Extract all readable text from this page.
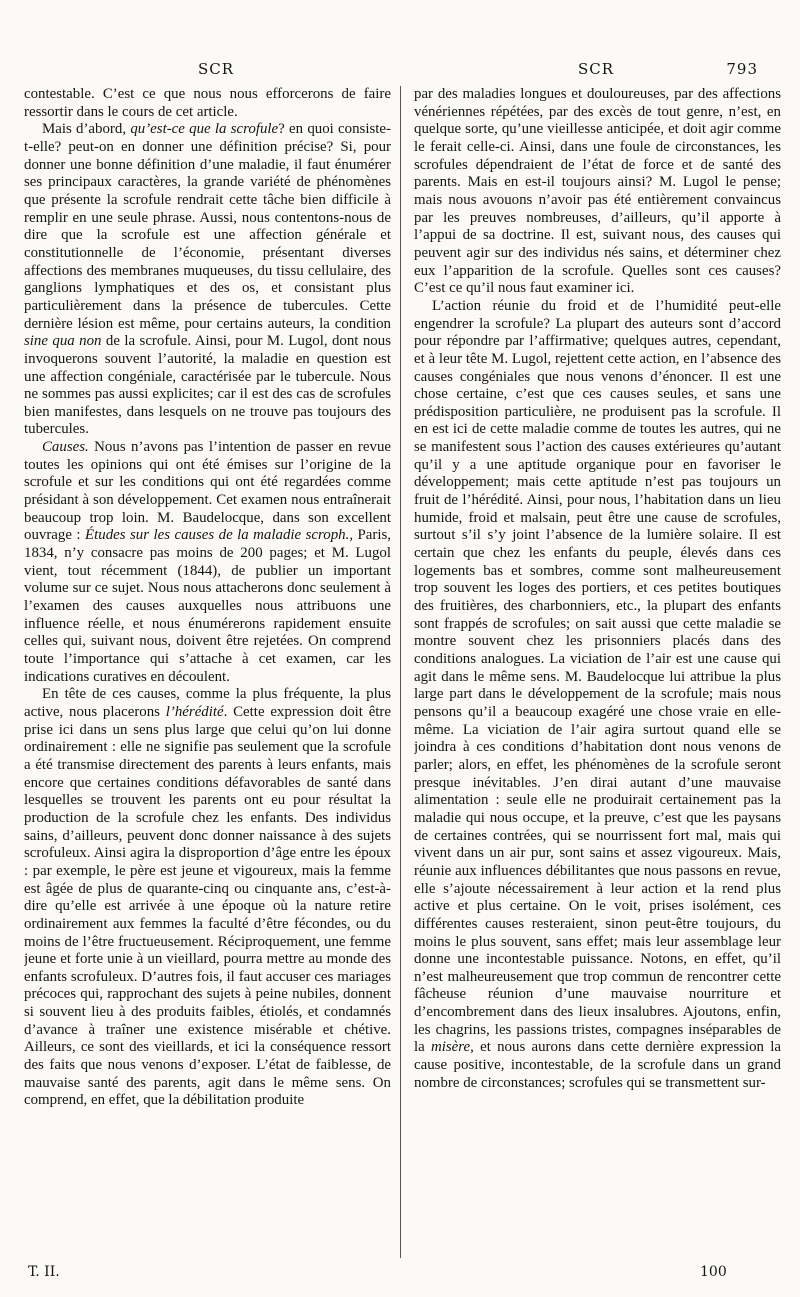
SCR	SCR	793

contestable. C’est ce que nous nous efforcerons de faire ressortir dans le cours de cet article.

Mais d’abord, qu’est-ce que la scrofule? en quoi consiste-t-elle? peut-on en donner une définition précise? Si, pour donner une bonne définition d’une maladie, il faut énumérer ses principaux caractères, la grande variété de phénomènes que présente la scrofule rendrait cette tâche bien difficile à remplir en une seule phrase. Aussi, nous contentons-nous de dire que la scrofule est une affection générale et constitutionnelle de l’économie, présentant diverses affections des membranes muqueuses, du tissu cellulaire, des ganglions lymphatiques et des os, et consistant plus particulièrement dans la présence de tubercules. Cette dernière lésion est même, pour certains auteurs, la condition sine qua non de la scrofule. Ainsi, pour M. Lugol, dont nous invoquerons souvent l’autorité, la maladie en question est une affection congéniale, caractérisée par le tubercule. Nous ne sommes pas aussi explicites; car il est des cas de scrofules bien manifestes, dans lesquels on ne trouve pas toujours des tubercules.

Causes. Nous n’avons pas l’intention de passer en revue toutes les opinions qui ont été émises sur l’origine de la scrofule et sur les conditions qui ont été regardées comme présidant à son développement. Cet examen nous entraînerait beaucoup trop loin. M. Baudelocque, dans son excellent ouvrage : Études sur les causes de la maladie scroph., Paris, 1834, n’y consacre pas moins de 200 pages; et M. Lugol vient, tout récemment (1844), de publier un important volume sur ce sujet. Nous nous attacherons donc seulement à l’examen des causes auxquelles nous attribuons une influence réelle, et nous énumérerons rapidement ensuite celles qui, suivant nous, doivent être rejetées. On comprend toute l’importance qui s’attache à cet examen, car les indications curatives en découlent.

En tête de ces causes, comme la plus fréquente, la plus active, nous placerons l’hérédité. Cette expression doit être prise ici dans un sens plus large que celui qu’on lui donne ordinairement : elle ne signifie pas seulement que la scrofule a été transmise directement des parents à leurs enfants, mais encore que certaines conditions défavorables de santé dans lesquelles se trouvent les parents ont eu pour résultat la production de la scrofule chez les enfants. Des individus sains, d’ailleurs, peuvent donc donner naissance à des sujets scrofuleux. Ainsi agira la disproportion d’âge entre les époux : par exemple, le père est jeune et vigoureux, mais la femme est âgée de plus de quarante-cinq ou cinquante ans, c’est-à-dire qu’elle est arrivée à une époque où la nature retire ordinairement aux femmes la faculté d’être fécondes, ou du moins de l’être fructueusement. Réciproquement, une femme jeune et forte unie à un vieillard, pourra mettre au monde des enfants scrofuleux. D’autres fois, il faut accuser ces mariages précoces qui, rapprochant des sujets à peine nubiles, donnent si souvent lieu à des produits faibles, étiolés, et condamnés d’avance à traîner une existence misérable et chétive. Ailleurs, ce sont des vieillards, et ici la conséquence ressort des faits que nous venons d’exposer. L’état de faiblesse, de mauvaise santé des parents, agit dans le même sens. On comprend, en effet, que la débilitation produite

par des maladies longues et douloureuses, par des affections vénériennes répétées, par des excès de tout genre, n’est, en quelque sorte, qu’une vieillesse anticipée, et doit agir comme le ferait celle-ci. Ainsi, dans une foule de circonstances, les scrofules dépendraient de l’état de force et de santé des parents. Mais en est-il toujours ainsi? M. Lugol le pense; mais nous avouons n’avoir pas été entièrement convaincus par les preuves nombreuses, d’ailleurs, qu’il apporte à l’appui de sa doctrine. Il est, suivant nous, des causes qui peuvent agir sur des individus nés sains, et déterminer chez eux l’apparition de la scrofule. Quelles sont ces causes? C’est ce qu’il nous faut examiner ici.

L’action réunie du froid et de l’humidité peut-elle engendrer la scrofule? La plupart des auteurs sont d’accord pour répondre par l’affirmative; quelques autres, cependant, et à leur tête M. Lugol, rejettent cette action, en l’absence des causes congéniales que nous venons d’énoncer. Il est une chose certaine, c’est que ces causes seules, et sans une prédisposition particulière, ne produisent pas la scrofule. Il en est ici de cette maladie comme de toutes les autres, qui ne se manifestent sous l’action des causes extérieures qu’autant qu’il y a une aptitude organique pour en favoriser le développement; mais cette aptitude n’est pas toujours un fruit de l’hérédité. Ainsi, pour nous, l’habitation dans un lieu humide, froid et malsain, peut être une cause de scrofules, surtout s’il s’y joint l’absence de la lumière solaire. Il est certain que chez les enfants du peuple, élevés dans ces logements bas et sombres, comme sont malheureusement trop souvent les loges des portiers, et ces petites boutiques des fruitières, des charbonniers, etc., la plupart des enfants sont frappés de scrofules; on sait aussi que cette maladie se montre souvent chez les prisonniers placés dans des conditions analogues. La viciation de l’air est une cause qui agit dans le même sens. M. Baudelocque lui attribue la plus large part dans le développement de la scrofule; mais nous pensons qu’il a beaucoup exagéré une chose vraie en elle-même. La viciation de l’air agira surtout quand elle se joindra à ces conditions d’habitation dont nous venons de parler; alors, en effet, les phénomènes de la scrofule seront presque inévitables. J’en dirai autant d’une mauvaise alimentation : seule elle ne produirait certainement pas la maladie qui nous occupe, et la preuve, c’est que les paysans de certaines contrées, qui se nourrissent fort mal, mais qui vivent dans un air pur, sont sains et assez vigoureux. Mais, réunie aux influences débilitantes que nous passons en revue, elle s’ajoute nécessairement à leur action et la rend plus active et plus certaine. On le voit, prises isolément, ces différentes causes resteraient, sinon peut-être toujours, du moins le plus souvent, sans effet; mais leur assemblage leur donne une incontestable puissance. Notons, en effet, qu’il n’est malheureusement que trop commun de rencontrer cette fâcheuse réunion d’une mauvaise nourriture et d’encombrement dans des lieux insalubres. Ajoutons, enfin, les chagrins, les passions tristes, compagnes inséparables de la misère, et nous aurons dans cette dernière expression la cause positive, incontestable, de la scrofule dans un grand nombre de circonstances; scrofules qui se transmettent sur-

T. II.	100
